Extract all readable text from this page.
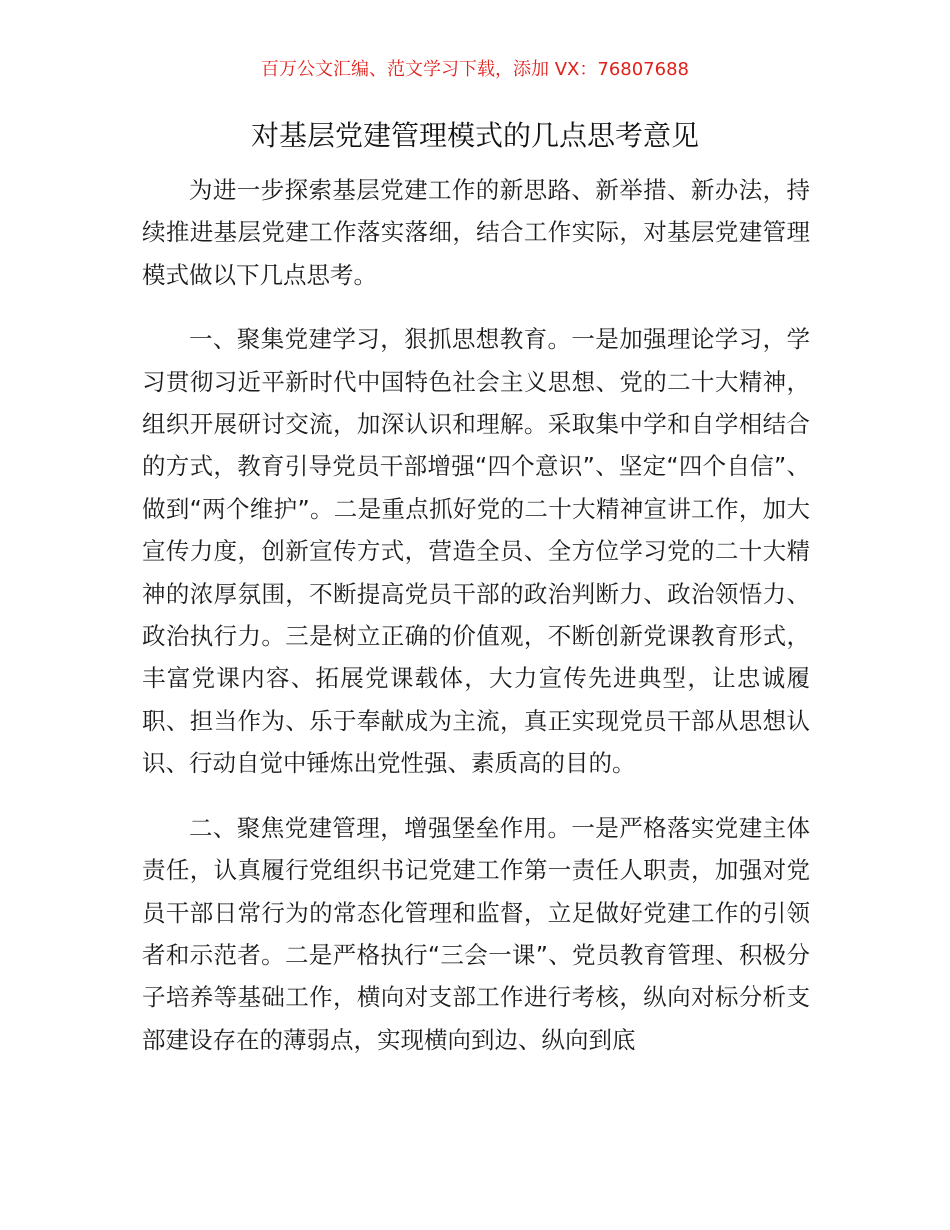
百万公文汇编、范文学习下载，添加 VX：76807688
对基层党建管理模式的几点思考意见

为进一步探索基层党建工作的新思路、新举措、新办法，持续推进基层党建工作落实落细，结合工作实际，对基层党建管理模式做以下几点思考。

一、聚集党建学习，狠抓思想教育。一是加强理论学习，学习贯彻习近平新时代中国特色社会主义思想、党的二十大精神，组织开展研讨交流，加深认识和理解。采取集中学和自学相结合的方式，教育引导党员干部增强“四个意识”、坚定“四个自信”、做到“两个维护”。二是重点抓好党的二十大精神宣讲工作，加大宣传力度，创新宣传方式，营造全员、全方位学习党的二十大精神的浓厚氛围，不断提高党员干部的政治判断力、政治领悟力、政治执行力。三是树立正确的价值观，不断创新党课教育形式，丰富党课内容、拓展党课载体，大力宣传先进典型，让忠诚履职、担当作为、乐于奉献成为主流，真正实现党员干部从思想认识、行动自觉中锤炼出党性强、素质高的目的。

二、聚焦党建管理，增强堡垒作用。一是严格落实党建主体责任，认真履行党组织书记党建工作第一责任人职责，加强对党员干部日常行为的常态化管理和监督，立足做好党建工作的引领者和示范者。二是严格执行“三会一课”、党员教育管理、积极分子培养等基础工作，横向对支部工作进行考核，纵向对标分析支部建设存在的薄弱点，实现横向到边、纵向到底
